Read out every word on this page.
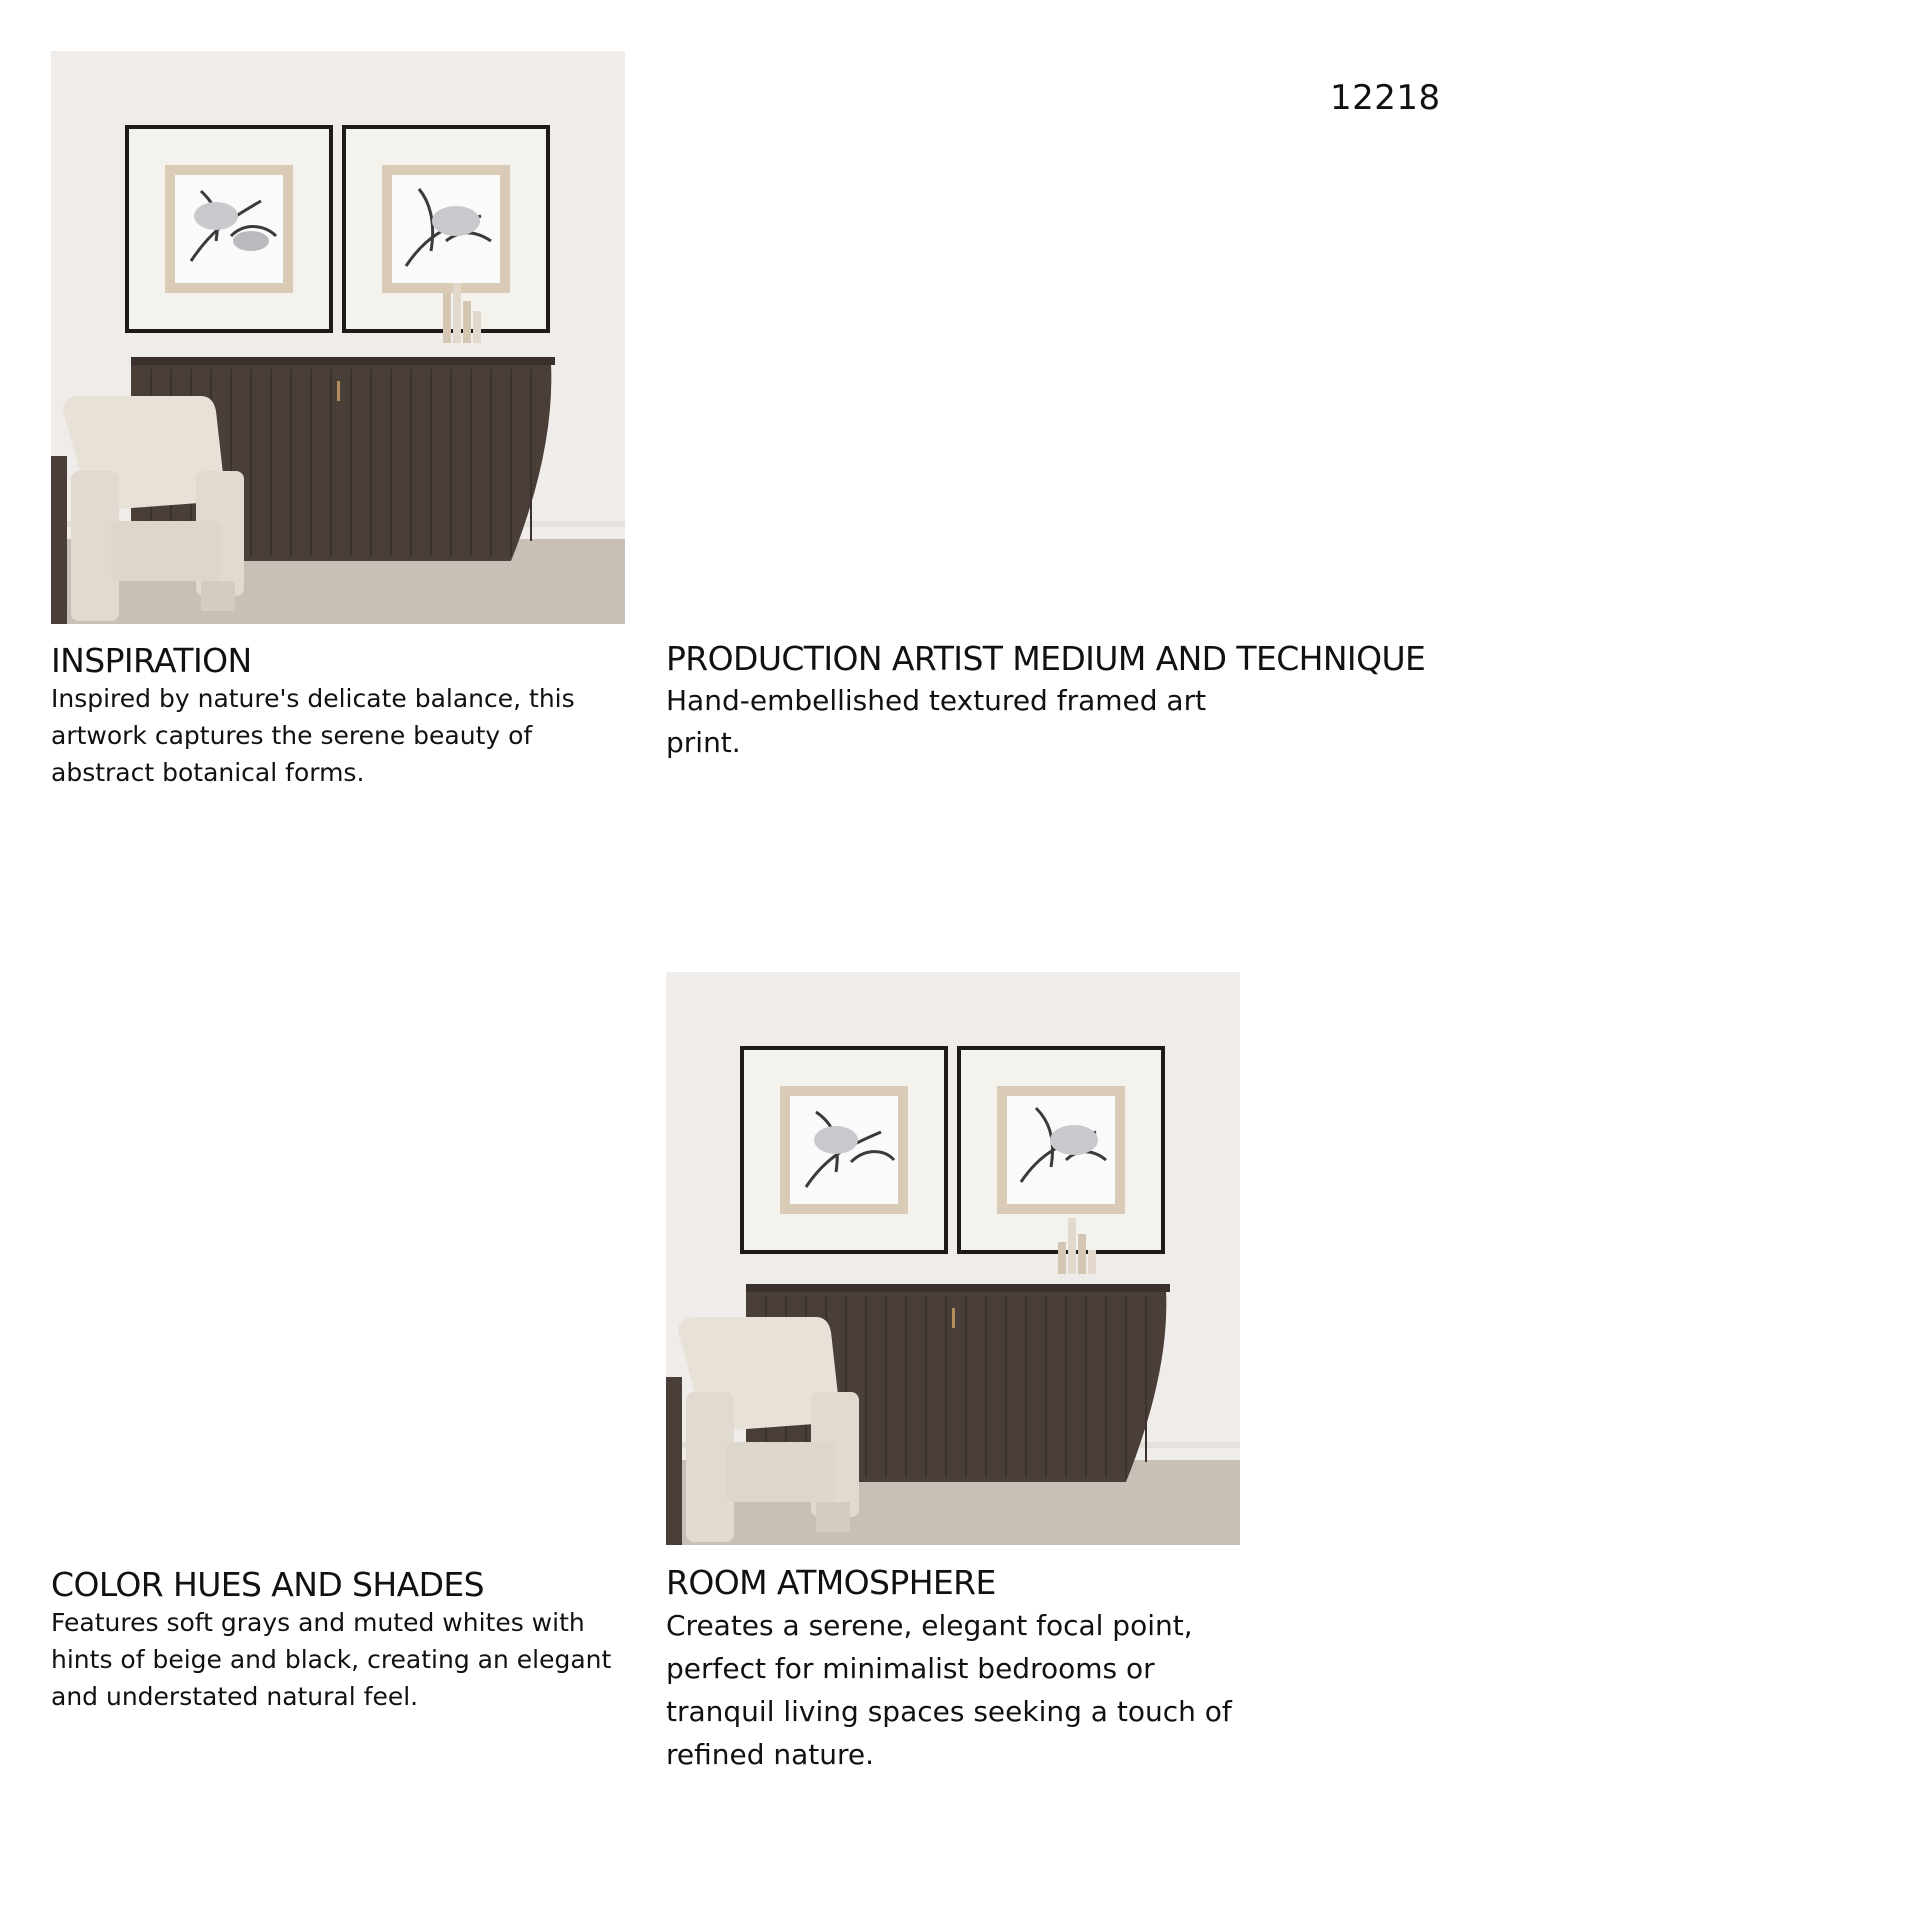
12218
INSPIRATION
Inspired by nature's delicate balance, this artwork captures the serene beauty of abstract botanical forms.
PRODUCTION ARTIST MEDIUM AND TECHNIQUE
Hand-embellished textured framed art print.
COLOR HUES AND SHADES
Features soft grays and muted whites with hints of beige and black, creating an elegant and understated natural feel.
ROOM ATMOSPHERE
Creates a serene, elegant focal point, perfect for minimalist bedrooms or tranquil living spaces seeking a touch of refined nature.
